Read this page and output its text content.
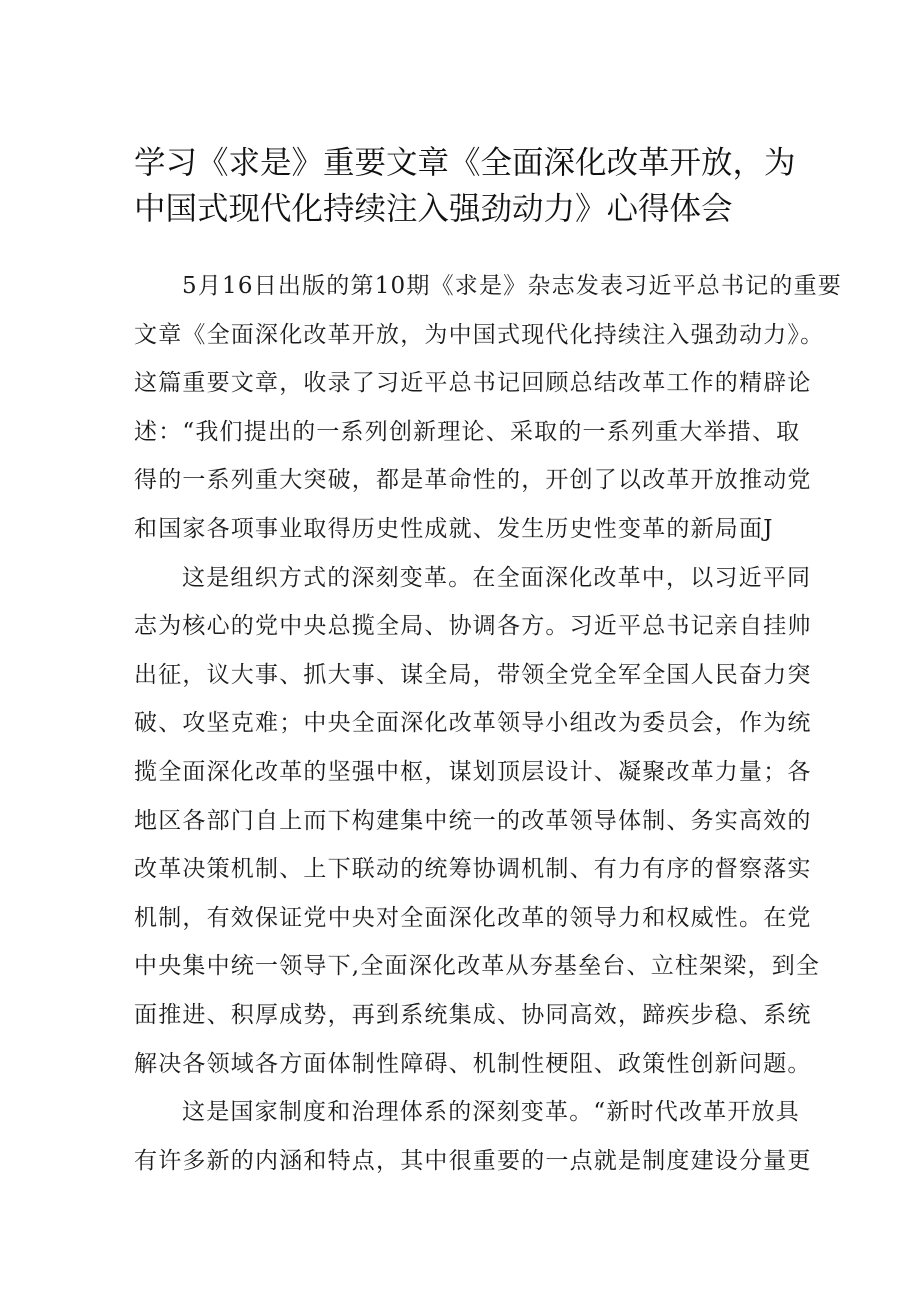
学习《求是》重要文章《全面深化改革开放，为
中国式现代化持续注入强劲动力》心得体会

5月16日出版的第10期《求是》杂志发表习近平总书记的重要
文章《全面深化改革开放，为中国式现代化持续注入强劲动力》。
这篇重要文章，收录了习近平总书记回顾总结改革工作的精辟论
述：“我们提出的一系列创新理论、采取的一系列重大举措、取
得的一系列重大突破，都是革命性的，开创了以改革开放推动党
和国家各项事业取得历史性成就、发生历史性变革的新局面J

这是组织方式的深刻变革。在全面深化改革中，以习近平同
志为核心的党中央总揽全局、协调各方。习近平总书记亲自挂帅
出征，议大事、抓大事、谋全局，带领全党全军全国人民奋力突
破、攻坚克难；中央全面深化改革领导小组改为委员会，作为统
揽全面深化改革的坚强中枢，谋划顶层设计、凝聚改革力量；各
地区各部门自上而下构建集中统一的改革领导体制、务实高效的
改革决策机制、上下联动的统筹协调机制、有力有序的督察落实
机制，有效保证党中央对全面深化改革的领导力和权威性。在党
中央集中统一领导下,全面深化改革从夯基垒台、立柱架梁，到全
面推进、积厚成势，再到系统集成、协同高效，蹄疾步稳、系统
解决各领域各方面体制性障碍、机制性梗阻、政策性创新问题。

这是国家制度和治理体系的深刻变革。“新时代改革开放具
有许多新的内涵和特点，其中很重要的一点就是制度建设分量更
